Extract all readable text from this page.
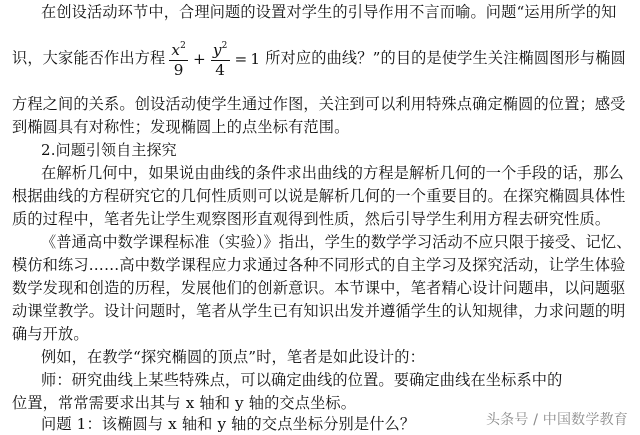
在创设活动环节中，合理问题的设置对学生的引导作用不言而喻。问题“运用所学的知
识，大家能否作出方程 $\frac{x^2}{9} + \frac{y^2}{4} = 1$ 所对应的曲线？”的目的是使学生关注椭圆图形与椭圆
方程之间的关系。创设活动使学生通过作图，关注到可以利用特殊点确定椭圆的位置；感受
到椭圆具有对称性；发现椭圆上的点坐标有范围。
2.问题引领自主探究
在解析几何中，如果说由曲线的条件求出曲线的方程是解析几何的一个手段的话，那么
根据曲线的方程研究它的几何性质则可以说是解析几何的一个重要目的。在探究椭圆具体性
质的过程中，笔者先让学生观察图形直观得到性质，然后引导学生利用方程去研究性质。
《普通高中数学课程标准（实验）》指出，学生的数学学习活动不应只限于接受、记忆、
模仿和练习……高中数学课程应力求通过各种不同形式的自主学习及探究活动，让学生体验
数学发现和创造的历程，发展他们的创新意识。本节课中，笔者精心设计问题串，以问题驱
动课堂教学。设计问题时，笔者从学生已有知识出发并遵循学生的认知规律，力求问题的明
确与开放。
例如，在教学“探究椭圆的顶点”时，笔者是如此设计的：
师：研究曲线上某些特殊点，可以确定曲线的位置。要确定曲线在坐标系中的
位置，常常需要求出其与 x 轴和 y 轴的交点坐标。
问题 1：该椭圆与 x 轴和 y 轴的交点坐标分别是什么？	头条号 / 中国数学教育
